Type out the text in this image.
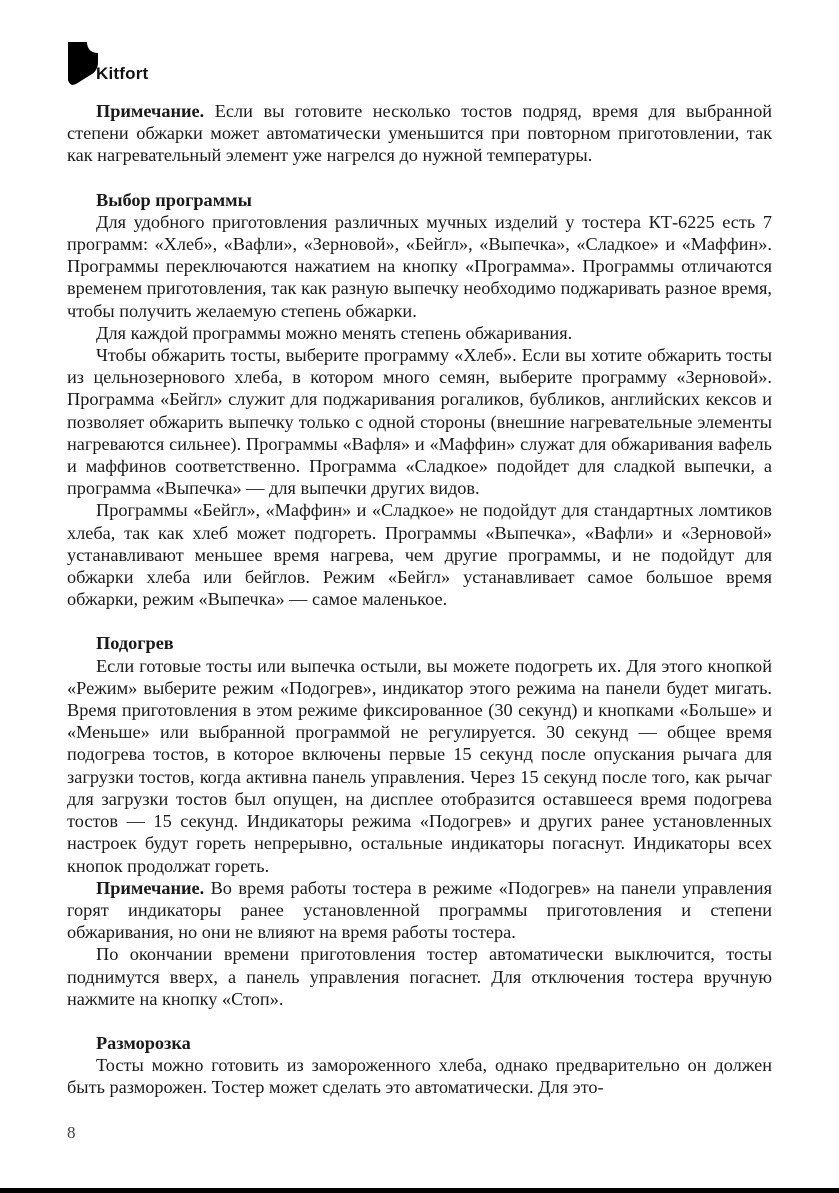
Kitfort

Примечание. Если вы готовите несколько тостов подряд, время для выбранной степени обжарки может автоматически уменьшится при повторном приготовлении, так как нагревательный элемент уже нагрелся до нужной температуры.

Выбор программы

Для удобного приготовления различных мучных изделий у тостера КТ-6225 есть 7 программ: «Хлеб», «Вафли», «Зерновой», «Бейгл», «Выпечка», «Сладкое» и «Маффин». Программы переключаются нажатием на кнопку «Программа». Программы отличаются временем приготовления, так как разную выпечку необходимо поджаривать разное время, чтобы получить желаемую степень обжарки.

Для каждой программы можно менять степень обжаривания.

Чтобы обжарить тосты, выберите программу «Хлеб». Если вы хотите обжарить тосты из цельнозернового хлеба, в котором много семян, выберите программу «Зерновой». Программа «Бейгл» служит для поджаривания рогаликов, бубликов, английских кексов и позволяет обжарить выпечку только с одной стороны (внешние нагревательные элементы нагреваются сильнее). Программы «Вафля» и «Маффин» служат для обжаривания вафель и маффинов соответственно. Программа «Сладкое» подойдет для сладкой выпечки, а программа «Выпечка» — для выпечки других видов.

Программы «Бейгл», «Маффин» и «Сладкое» не подойдут для стандартных ломтиков хлеба, так как хлеб может подгореть. Программы «Выпечка», «Вафли» и «Зерновой» устанавливают меньшее время нагрева, чем другие программы, и не подойдут для обжарки хлеба или бейглов. Режим «Бейгл» устанавливает самое большое время обжарки, режим «Выпечка» — самое маленькое.

Подогрев

Если готовые тосты или выпечка остыли, вы можете подогреть их. Для этого кнопкой «Режим» выберите режим «Подогрев», индикатор этого режима на панели будет мигать. Время приготовления в этом режиме фиксированное (30 секунд) и кнопками «Больше» и «Меньше» или выбранной программой не регулируется. 30 секунд — общее время подогрева тостов, в которое включены первые 15 секунд после опускания рычага для загрузки тостов, когда активна панель управления. Через 15 секунд после того, как рычаг для загрузки тостов был опущен, на дисплее отобразится оставшееся время подогрева тостов — 15 секунд. Индикаторы режима «Подогрев» и других ранее установленных настроек будут гореть непрерывно, остальные индикаторы погаснут. Индикаторы всех кнопок продолжат гореть.

Примечание. Во время работы тостера в режиме «Подогрев» на панели управления горят индикаторы ранее установленной программы приготовления и степени обжаривания, но они не влияют на время работы тостера.

По окончании времени приготовления тостер автоматически выключится, тосты поднимутся вверх, а панель управления погаснет. Для отключения тостера вручную нажмите на кнопку «Стоп».

Разморозка

Тосты можно готовить из замороженного хлеба, однако предварительно он должен быть разморожен. Тостер может сделать это автоматически. Для это-

8
